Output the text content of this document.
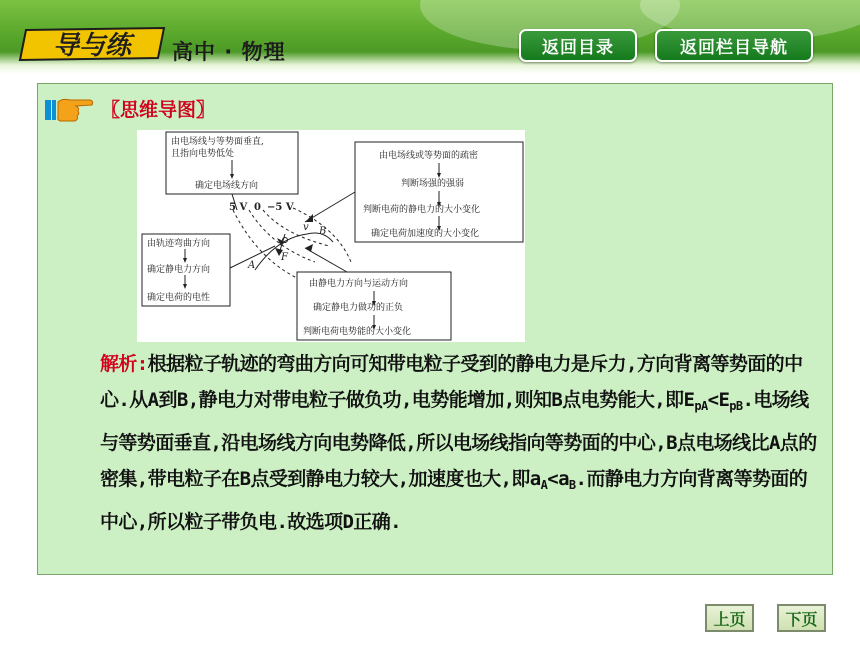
导与练 高中 · 物理	返回目录	返回栏目导航
〖思维导图〗
由电场线与等势面垂直,
且指向电势低处
确定电场线方向
由电场线或等势面的疏密
判断场强的强弱
判断电荷的静电力的大小变化
确定电荷加速度的大小变化
由轨迹弯曲方向
确定静电力方向
确定电荷的电性
由静电力方向与运动方向
确定静电力做功的正负
判断电荷电势能的大小变化
5 V 0 −5 V
A
B
F
v
解析:根据粒子轨迹的弯曲方向可知带电粒子受到的静电力是斥力,方向背离等势面的中心.从A到B,静电力对带电粒子做负功,电势能增加,则知B点电势能大,即$E_{pA}<E_{pB}$.电场线与等势面垂直,沿电场线方向电势降低,所以电场线指向等势面的中心,B点电场线比A点的密集,带电粒子在B点受到静电力较大,加速度也大,即$a_A<a_B$.而静电力方向背离等势面的中心,所以粒子带负电.故选项D正确.
上页	下页
